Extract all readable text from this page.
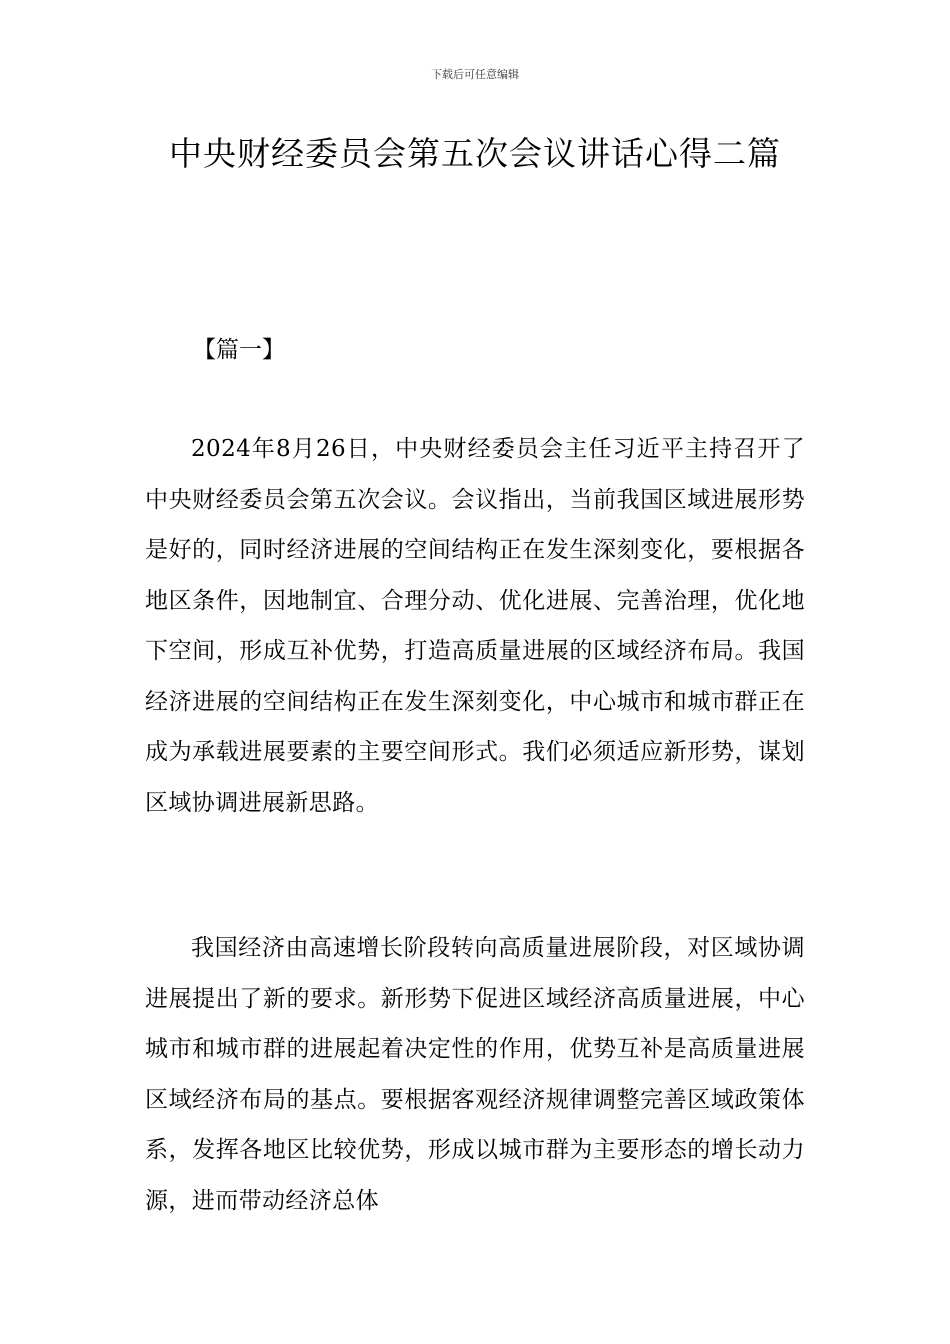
下载后可任意编辑
中央财经委员会第五次会议讲话心得二篇
【篇一】

2024年8月26日，中央财经委员会主任习近平主持召开了中央财经委员会第五次会议。会议指出，当前我国区域进展形势是好的，同时经济进展的空间结构正在发生深刻变化，要根据各地区条件，因地制宜、合理分动、优化进展、完善治理，优化地下空间，形成互补优势，打造高质量进展的区域经济布局。我国经济进展的空间结构正在发生深刻变化，中心城市和城市群正在成为承载进展要素的主要空间形式。我们必须适应新形势，谋划区域协调进展新思路。

我国经济由高速增长阶段转向高质量进展阶段，对区域协调进展提出了新的要求。新形势下促进区域经济高质量进展，中心城市和城市群的进展起着决定性的作用，优势互补是高质量进展区域经济布局的基点。要根据客观经济规律调整完善区域政策体系，发挥各地区比较优势，形成以城市群为主要形态的增长动力源，进而带动经济总体
